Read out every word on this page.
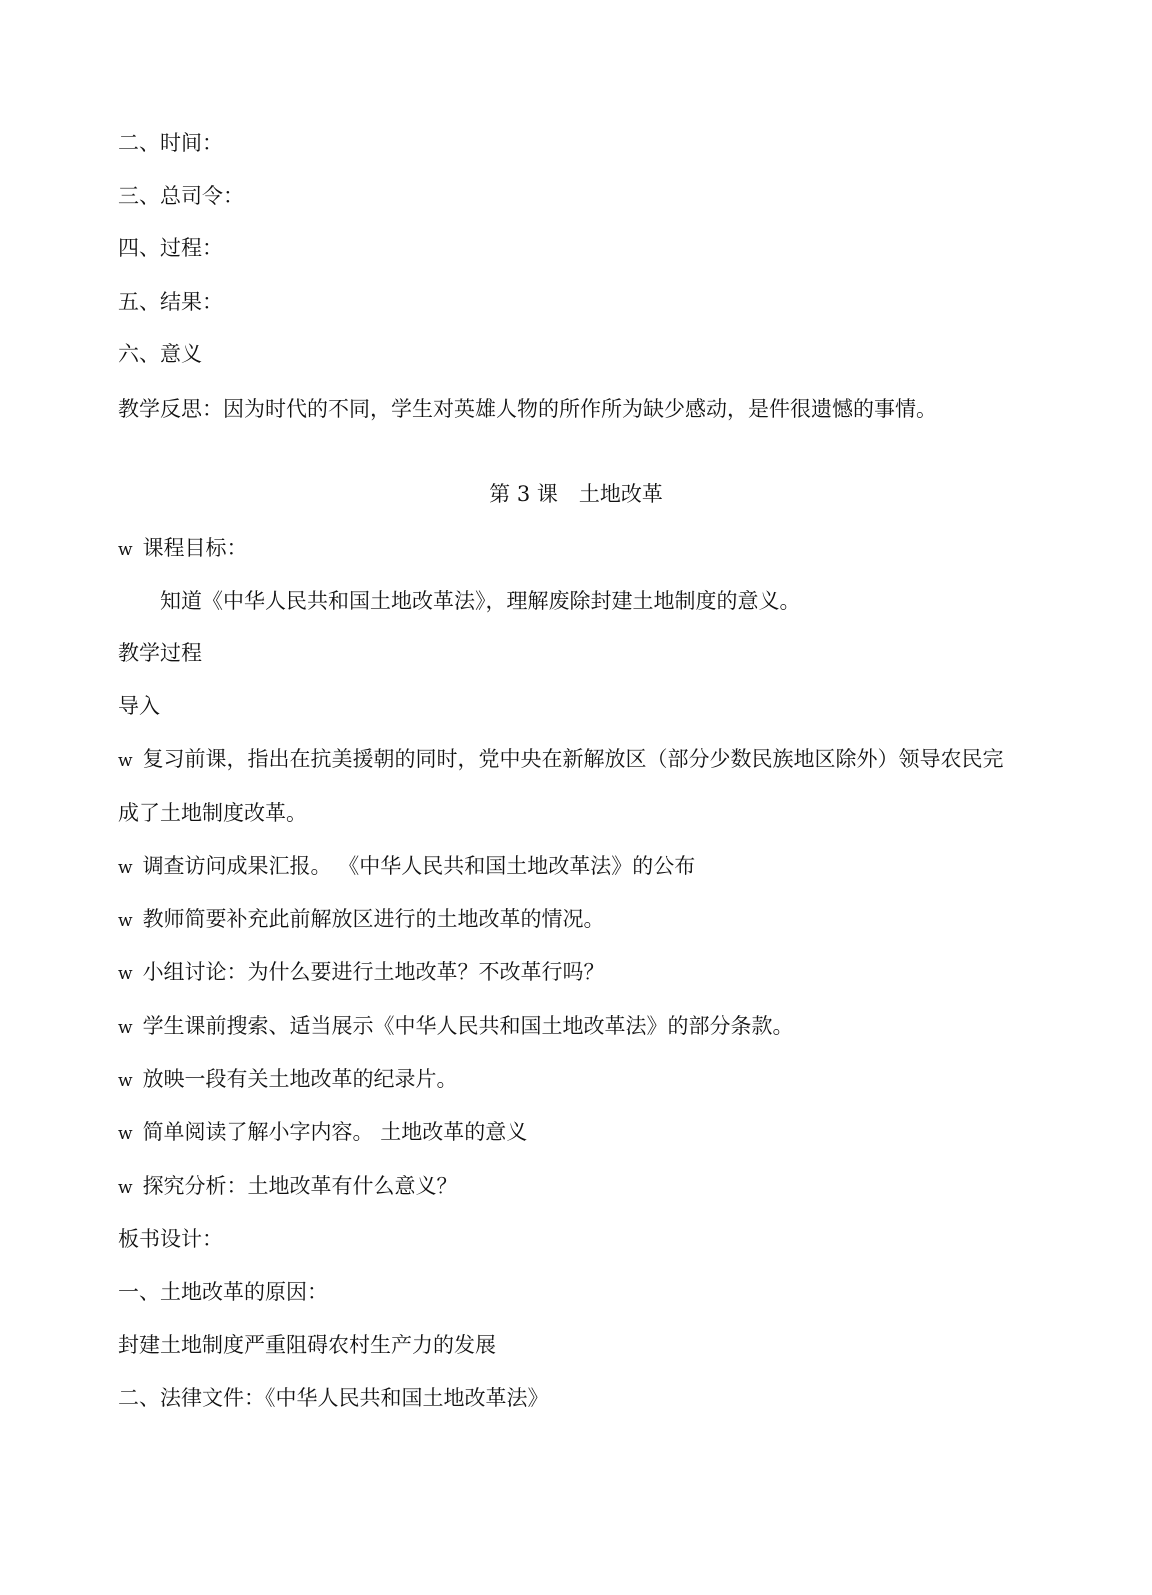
二、时间：
三、总司令：
四、过程：
五、结果：
六、意义
教学反思：因为时代的不同，学生对英雄人物的所作所为缺少感动，是件很遗憾的事情。
第 3 课　土地改革
w 课程目标：
知道《中华人民共和国土地改革法》，理解废除封建土地制度的意义。
教学过程
导入
w 复习前课，指出在抗美援朝的同时，党中央在新解放区（部分少数民族地区除外）领导农民完
成了土地制度改革。
w 调查访问成果汇报。 《中华人民共和国土地改革法》的公布
w 教师简要补充此前解放区进行的土地改革的情况。
w 小组讨论：为什么要进行土地改革？不改革行吗？
w 学生课前搜索、适当展示《中华人民共和国土地改革法》的部分条款。
w 放映一段有关土地改革的纪录片。
w 简单阅读了解小字内容。 土地改革的意义
w 探究分析：土地改革有什么意义？
板书设计：
一、土地改革的原因：
封建土地制度严重阻碍农村生产力的发展
二、法律文件：《中华人民共和国土地改革法》
